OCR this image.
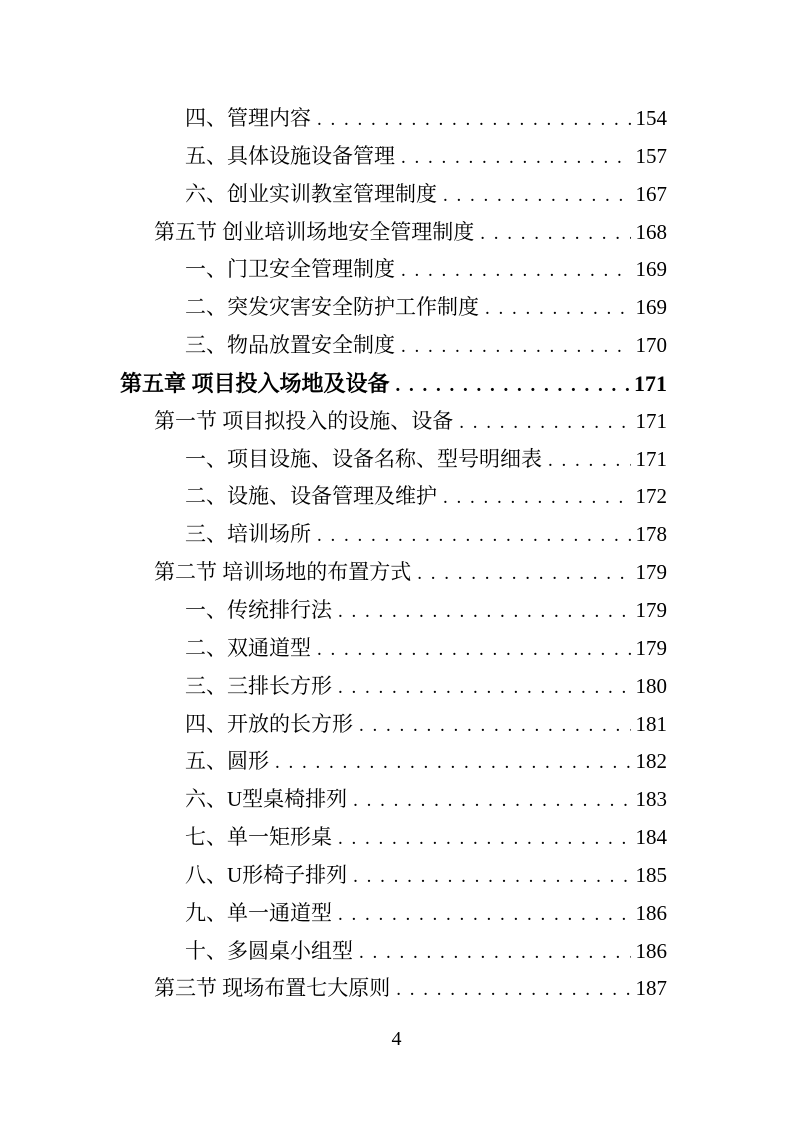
四、管理内容 . . .	154
五、具体设施设备管理 . . .	157
六、创业实训教室管理制度 . . .	167
第五节 创业培训场地安全管理制度 . . .	168
一、门卫安全管理制度 . . .	169
二、突发灾害安全防护工作制度 . . .	169
三、物品放置安全制度 . . .	170
第五章 项目投入场地及设备 . . .	171
第一节 项目拟投入的设施、设备 . . .	171
一、项目设施、设备名称、型号明细表 . . .	171
二、设施、设备管理及维护 . . .	172
三、培训场所 . . .	178
第二节 培训场地的布置方式 . . .	179
一、传统排行法 . . .	179
二、双通道型 . . .	179
三、三排长方形 . . .	180
四、开放的长方形 . . .	181
五、圆形 . . .	182
六、U型桌椅排列 . . .	183
七、单一矩形桌 . . .	184
八、U形椅子排列 . . .	185
九、单一通道型 . . .	186
十、多圆桌小组型 . . .	186
第三节 现场布置七大原则 . . .	187
4
